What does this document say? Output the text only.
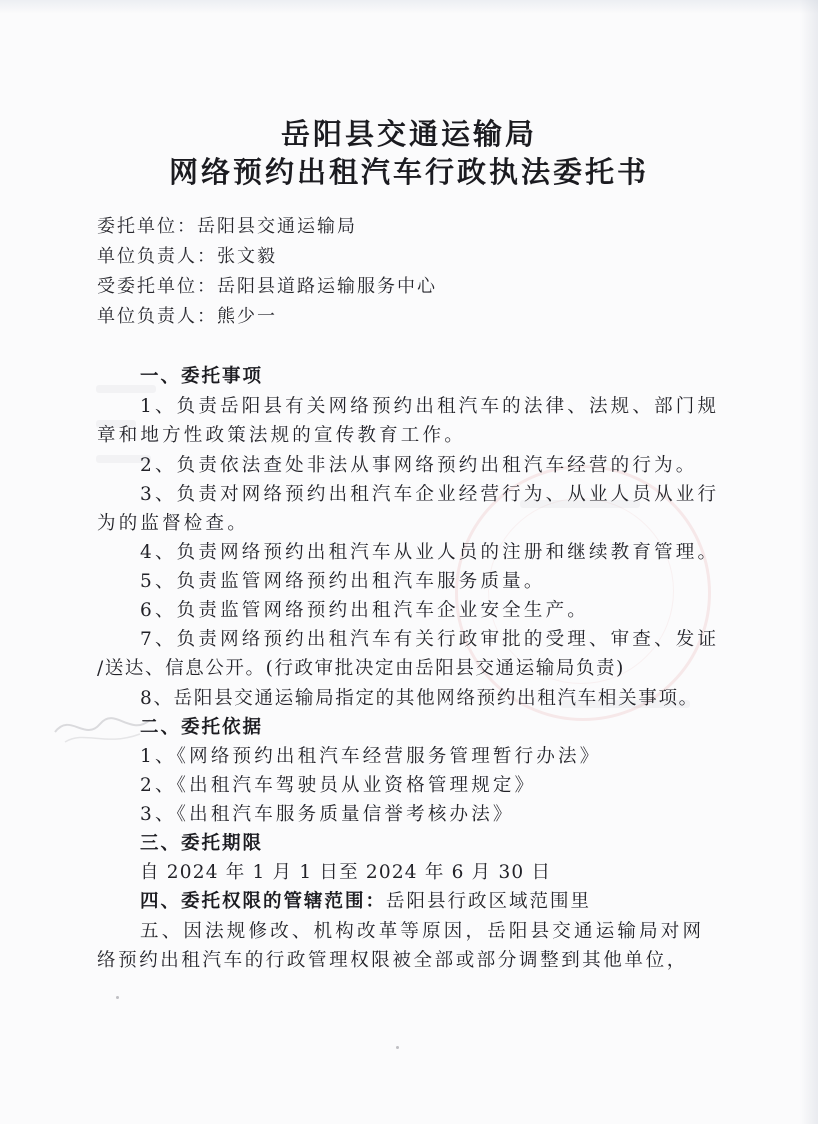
岳阳县交通运输局
网络预约出租汽车行政执法委托书
委托单位：岳阳县交通运输局
单位负责人：张文毅
受委托单位：岳阳县道路运输服务中心
单位负责人：熊少一
一、委托事项
1、负责岳阳县有关网络预约出租汽车的法律、法规、部门规
章和地方性政策法规的宣传教育工作。
2、负责依法查处非法从事网络预约出租汽车经营的行为。
3、负责对网络预约出租汽车企业经营行为、从业人员从业行
为的监督检查。
4、负责网络预约出租汽车从业人员的注册和继续教育管理。
5、负责监管网络预约出租汽车服务质量。
6、负责监管网络预约出租汽车企业安全生产。
7、负责网络预约出租汽车有关行政审批的受理、审查、发证
/送达、信息公开。(行政审批决定由岳阳县交通运输局负责)
8、岳阳县交通运输局指定的其他网络预约出租汽车相关事项。
二、委托依据
1、《网络预约出租汽车经营服务管理暂行办法》
2、《出租汽车驾驶员从业资格管理规定》
3、《出租汽车服务质量信誉考核办法》
三、委托期限
自 2024 年 1 月 1 日至 2024 年 6 月 30 日
四、委托权限的管辖范围：岳阳县行政区域范围里
五、因法规修改、机构改革等原因，岳阳县交通运输局对网
络预约出租汽车的行政管理权限被全部或部分调整到其他单位，
